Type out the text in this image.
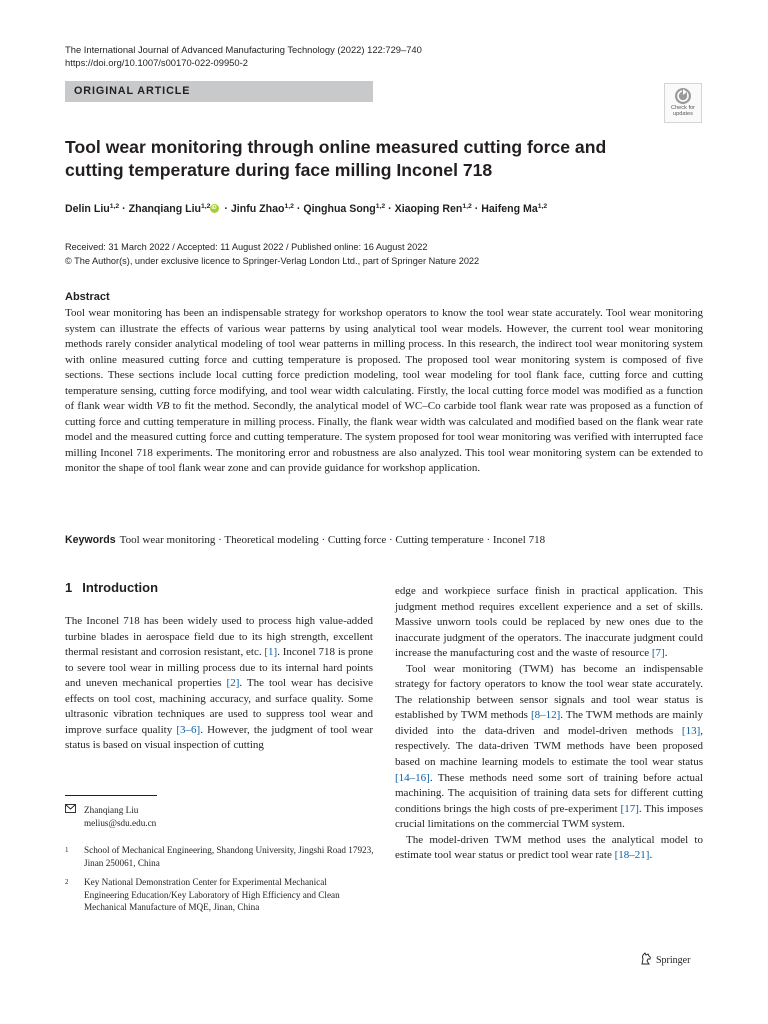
The International Journal of Advanced Manufacturing Technology (2022) 122:729–740
https://doi.org/10.1007/s00170-022-09950-2
ORIGINAL ARTICLE
Check for
updates
Tool wear monitoring through online measured cutting force and cutting temperature during face milling Inconel 718
Delin Liu$^{1,2}$ · Zhanqiang Liu$^{1,2}$iD · Jinfu Zhao$^{1,2}$ · Qinghua Song$^{1,2}$ · Xiaoping Ren$^{1,2}$ · Haifeng Ma$^{1,2}$
Received: 31 March 2022 / Accepted: 11 August 2022 / Published online: 16 August 2022
© The Author(s), under exclusive licence to Springer-Verlag London Ltd., part of Springer Nature 2022
Abstract

Tool wear monitoring has been an indispensable strategy for workshop operators to know the tool wear state accurately. Tool wear monitoring system can illustrate the effects of various wear patterns by using analytical tool wear models. However, the current tool wear monitoring methods rarely consider analytical modeling of tool wear patterns in milling process. In this research, the indirect tool wear monitoring system with online measured cutting force and cutting temperature is proposed. The proposed tool wear monitoring system is composed of five sections. These sections include local cutting force prediction modeling, tool wear modeling for tool flank face, cutting force and cutting temperature sensing, cutting force modifying, and tool wear width calculating. Firstly, the local cutting force model was modified as a function of flank wear width VB to fit the method. Secondly, the analytical model of WC–Co carbide tool flank wear rate was proposed as a function of cutting force and cutting temperature in milling process. Finally, the flank wear width was calculated and modified based on the flank wear rate model and the measured cutting force and cutting temperature. The system proposed for tool wear monitoring was verified with interrupted face milling Inconel 718 experiments. The monitoring error and robustness are also analyzed. This tool wear monitoring system can be extended to monitor the shape of tool flank wear zone and can provide guidance for workshop application.

Keywords Tool wear monitoring · Theoretical modeling · Cutting force · Cutting temperature · Inconel 718
1 Introduction

The Inconel 718 has been widely used to process high value-added turbine blades in aerospace field due to its high strength, excellent thermal resistant and corrosion resistant, etc. [1]. Inconel 718 is prone to severe tool wear in milling process due to its internal hard points and uneven mechanical properties [2]. The tool wear has decisive effects on tool cost, machining accuracy, and surface quality. Some ultrasonic vibration techniques are used to suppress tool wear and improve surface quality [3–6]. However, the judgment of tool wear status is based on visual inspection of cutting

edge and workpiece surface finish in practical application. This judgment method requires excellent experience and a set of skills. Massive unworn tools could be replaced by new ones due to the inaccurate judgment of the operators. The inaccurate judgment could increase the manufacturing cost and the waste of resource [7].

Tool wear monitoring (TWM) has become an indispensable strategy for factory operators to know the tool wear state accurately. The relationship between sensor signals and tool wear status is established by TWM methods [8–12]. The TWM methods are mainly divided into the data-driven and model-driven methods [13], respectively. The data-driven TWM methods have been proposed based on machine learning models to estimate the tool wear status [14–16]. These methods need some sort of training before actual machining. The acquisition of training data sets for different cutting conditions brings the high costs of pre-experiment [17]. This imposes crucial limitations on the commercial TWM system.

The model-driven TWM method uses the analytical model to estimate tool wear status or predict tool wear rate [18–21].

Zhanqiang Liu
melius@sdu.edu.cn
1 School of Mechanical Engineering, Shandong University, Jingshi Road 17923, Jinan 250061, China
2 Key National Demonstration Center for Experimental Mechanical Engineering Education/Key Laboratory of High Efficiency and Clean Mechanical Manufacture of MQE, Jinan, China
Springer
